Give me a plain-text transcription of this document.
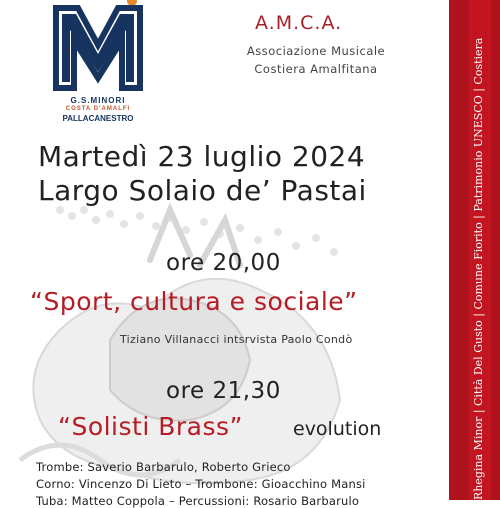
G.S.MINORI
COSTA D'AMALFI
PALLACANESTRO
A.M.C.A.
Associazione Musicale
Costiera Amalfitana	Rhegina Minor | Città Del Gusto | Comune Fiorito | Patrimonio UNESCO | Costiera
Martedì 23 luglio 2024
Largo Solaio de’ Pastai
ore 20,00
“Sport, cultura e sociale”
Tiziano Villanacci intsrvista Paolo Condò
ore 21,30
“Solisti Brass”	evolution
Trombe: Saverio Barbarulo, Roberto Grieco
Corno: Vincenzo Di Lieto – Trombone: Gioacchino Mansi
Tuba: Matteo Coppola – Percussioni: Rosario Barbarulo
